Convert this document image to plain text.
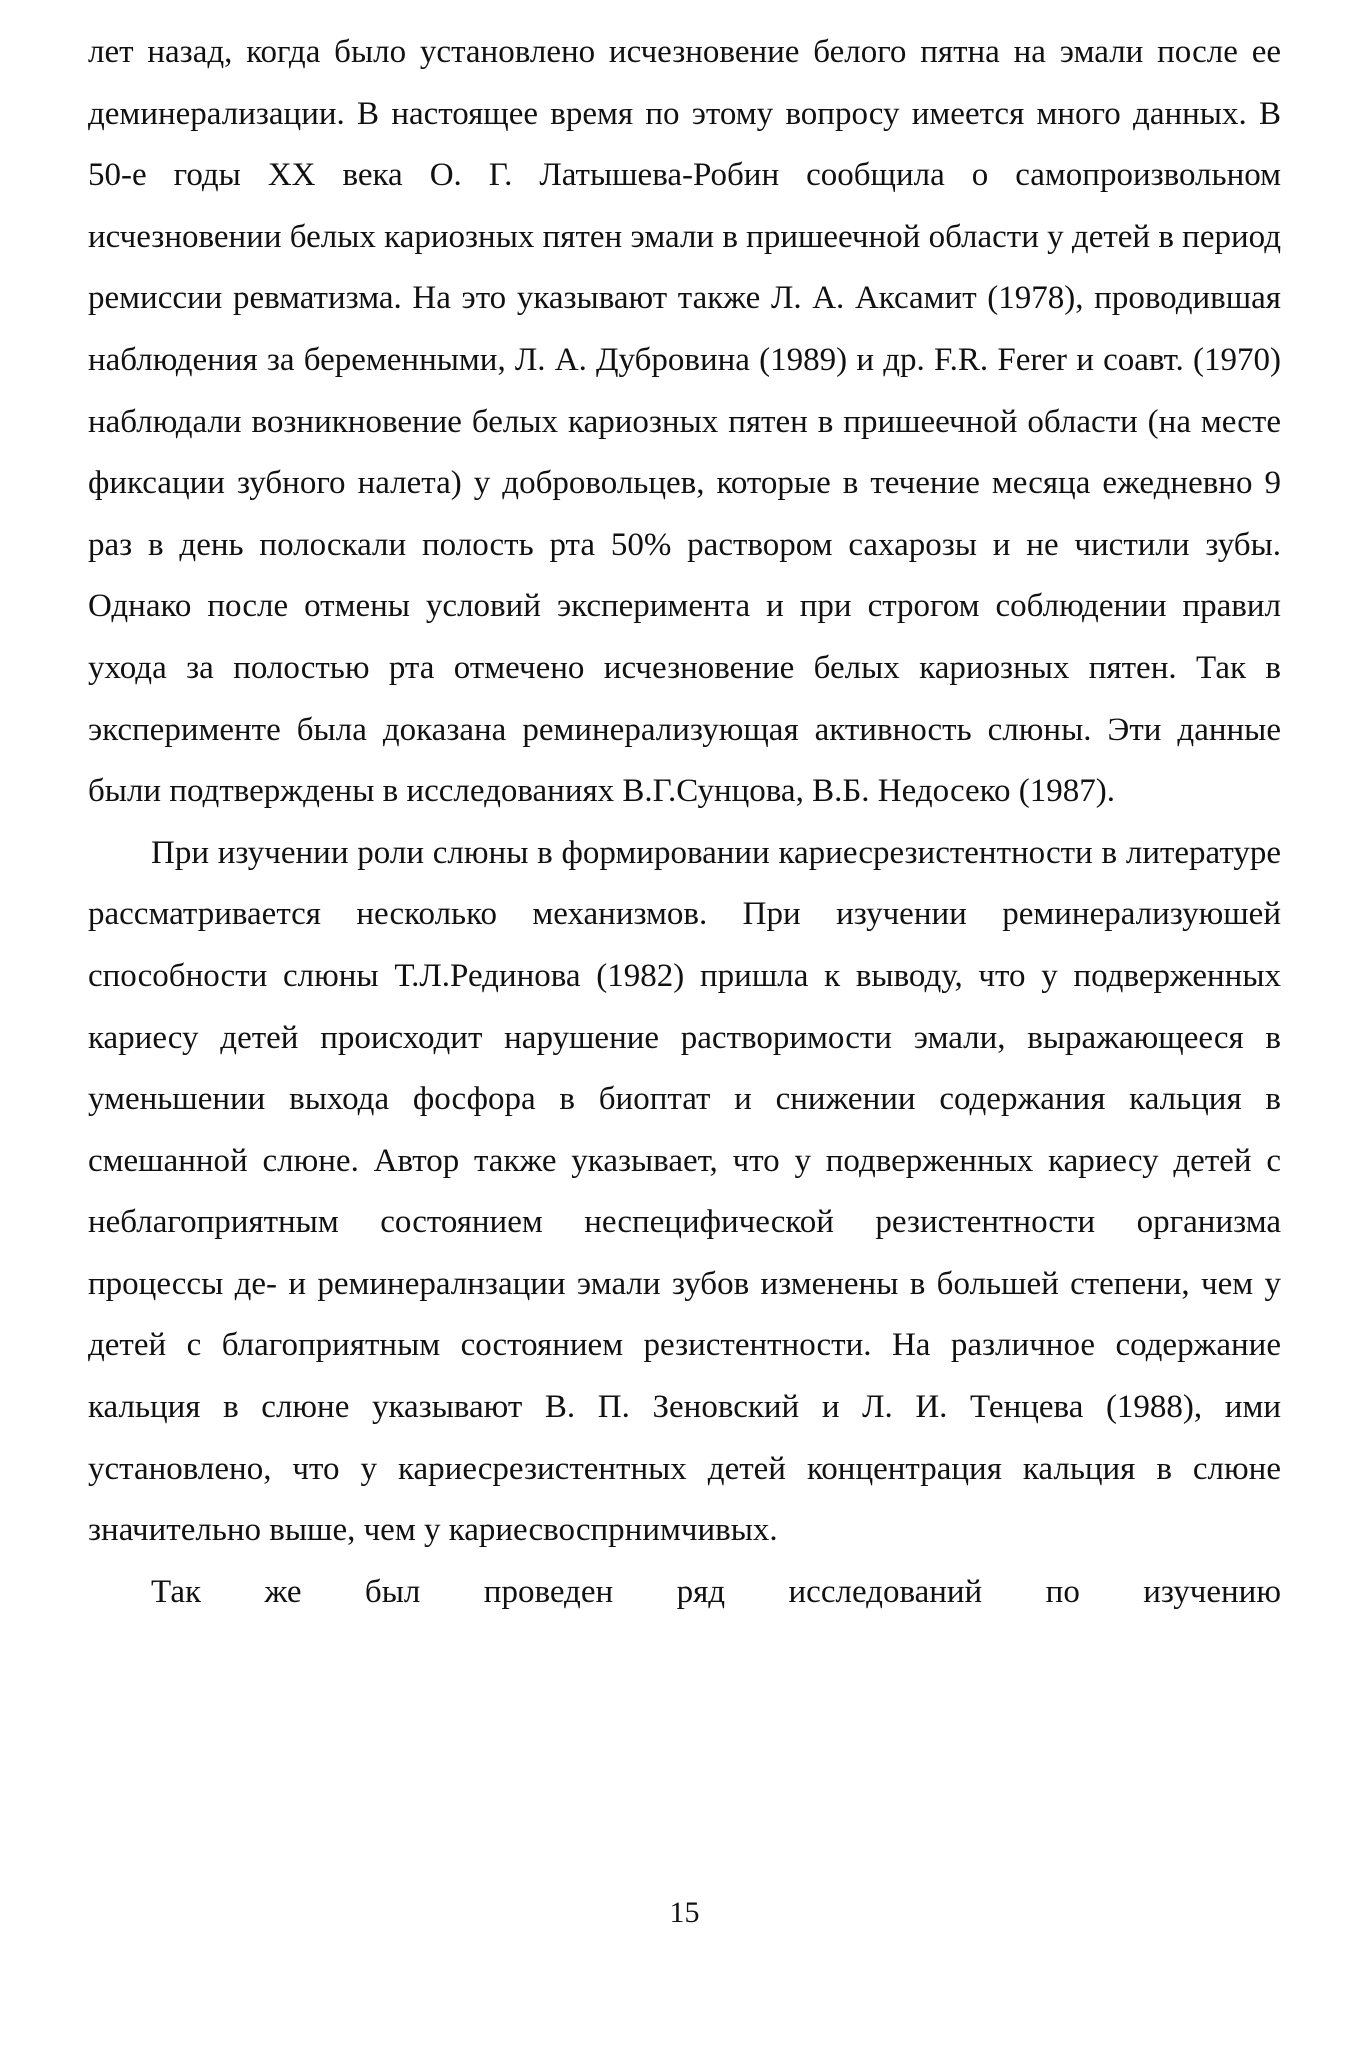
лет назад, когда было установлено исчезновение белого пятна на эмали после ее деминерализации. В настоящее время по этому вопросу имеется много данных. В 50-е годы XX века О. Г. Латышева-Робин сообщила о самопроизвольном исчезновении белых кариозных пятен эмали в пришеечной области у детей в период ремиссии ревматизма. На это указывают также Л. А. Аксамит (1978), проводившая наблюдения за беременными, Л. А. Дубровина (1989) и др. F.R. Ferer и соавт. (1970) наблюдали возникновение белых кариозных пятен в пришеечной области (на месте фиксации зубного налета) у добровольцев, которые в течение месяца ежедневно 9 раз в день полоскали полость рта 50% раствором сахарозы и не чистили зубы. Однако после отмены условий эксперимента и при строгом соблюдении правил ухода за полостью рта отмечено исчезновение белых кариозных пятен. Так в эксперименте была доказана реминерализующая активность слюны. Эти данные были подтверждены в исследованиях В.Г.Сунцова, В.Б. Недосеко (1987).

При изучении роли слюны в формировании кариесрезистентности в литературе рассматривается несколько механизмов. При изучении реминерализуюшей способности слюны Т.Л.Рединова (1982) пришла к выводу, что у подверженных кариесу детей происходит нарушение растворимости эмали, выражающееся в уменьшении выхода фосфора в биоптат и снижении содержания кальция в смешанной слюне. Автор также указывает, что у подверженных кариесу детей с неблагоприятным состоянием неспецифической резистентности организма процессы де- и реминералнзации эмали зубов изменены в большей степени, чем у детей с благоприятным состоянием резистентности. На различное содержание кальция в слюне указывают В. П. Зеновский и Л. И. Тенцева (1988), ими установлено, что у кариесрезистентных детей концентрация кальция в слюне значительно выше, чем у кариесвоспрнимчивых.

Так же был проведен ряд исследований по изучению

15
